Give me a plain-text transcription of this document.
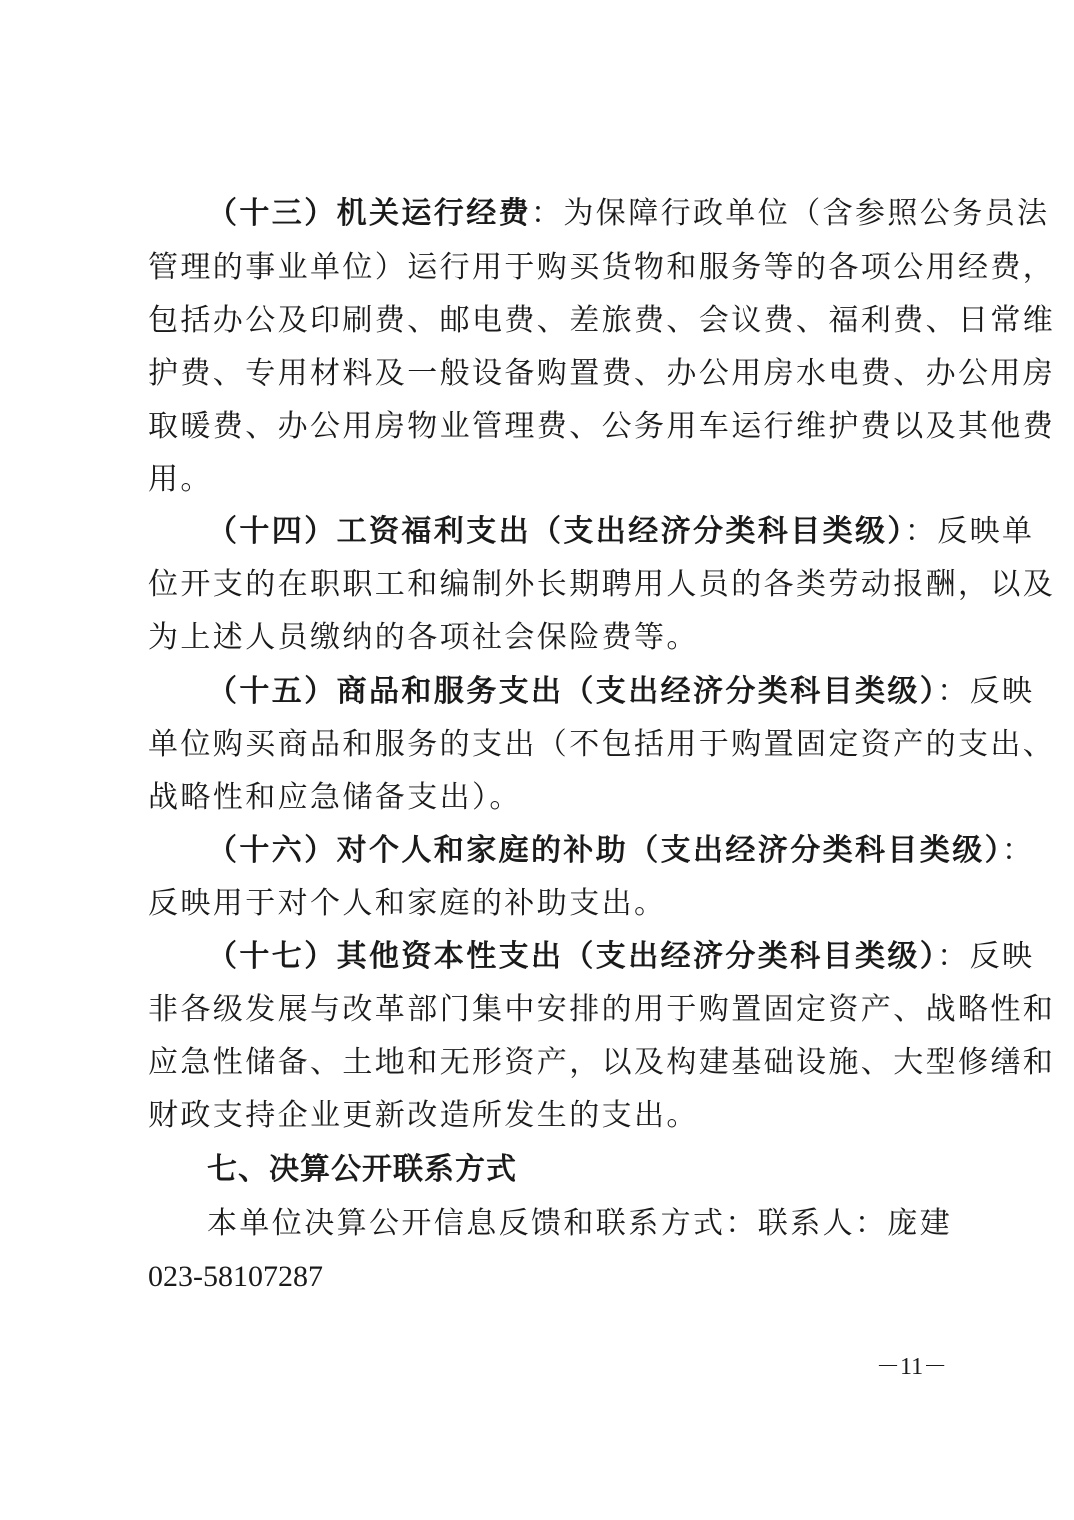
（十三）机关运行经费：为保障行政单位（含参照公务员法
管理的事业单位）运行用于购买货物和服务等的各项公用经费，
包括办公及印刷费、邮电费、差旅费、会议费、福利费、日常维
护费、专用材料及一般设备购置费、办公用房水电费、办公用房
取暖费、办公用房物业管理费、公务用车运行维护费以及其他费
用。
（十四）工资福利支出（支出经济分类科目类级）：反映单
位开支的在职职工和编制外长期聘用人员的各类劳动报酬，以及
为上述人员缴纳的各项社会保险费等。
（十五）商品和服务支出（支出经济分类科目类级）：反映
单位购买商品和服务的支出（不包括用于购置固定资产的支出、
战略性和应急储备支出）。
（十六）对个人和家庭的补助（支出经济分类科目类级）：
反映用于对个人和家庭的补助支出。
（十七）其他资本性支出（支出经济分类科目类级）：反映
非各级发展与改革部门集中安排的用于购置固定资产、战略性和
应急性储备、土地和无形资产，以及构建基础设施、大型修缮和
财政支持企业更新改造所发生的支出。
七、决算公开联系方式
本单位决算公开信息反馈和联系方式：联系人：庞建
023-58107287
－11－
